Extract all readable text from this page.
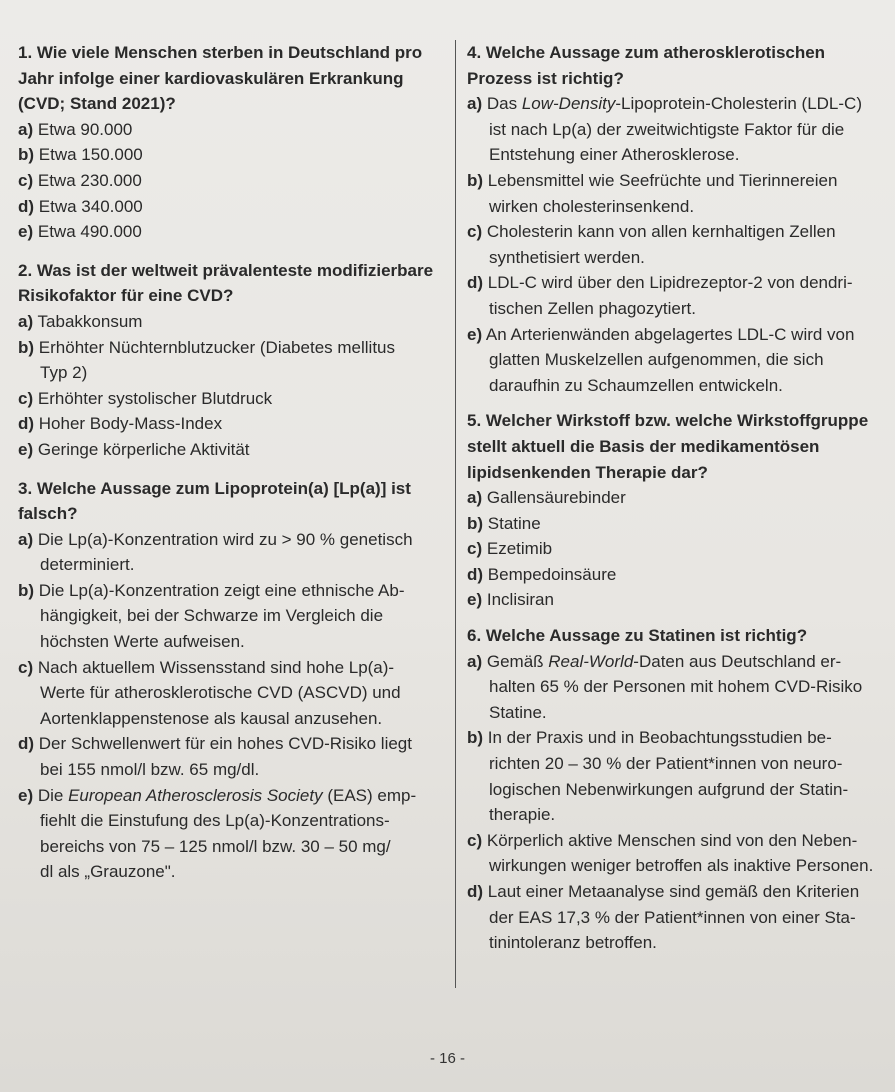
1. Wie viele Menschen sterben in Deutschland pro Jahr infolge einer kardiovaskulären Erkrankung (CVD; Stand 2021)?

a) Etwa 90.000

b) Etwa 150.000

c) Etwa 230.000

d) Etwa 340.000

e) Etwa 490.000

2. Was ist der weltweit prävalenteste modifizierbare Risikofaktor für eine CVD?

a) Tabakkonsum

b) Erhöhter Nüchternblutzucker (Diabetes mellitus
Typ 2)

c) Erhöhter systolischer Blutdruck

d) Hoher Body-Mass-Index

e) Geringe körperliche Aktivität

3. Welche Aussage zum Lipoprotein(a) [Lp(a)] ist falsch?

a) Die Lp(a)-Konzentration wird zu > 90 % genetisch
determiniert.

b) Die Lp(a)-Konzentration zeigt eine ethnische Ab-
hängigkeit, bei der Schwarze im Vergleich die
höchsten Werte aufweisen.

c) Nach aktuellem Wissensstand sind hohe Lp(a)-
Werte für atherosklerotische CVD (ASCVD) und
Aortenklappenstenose als kausal anzusehen.

d) Der Schwellenwert für ein hohes CVD-Risiko liegt
bei 155 nmol/l bzw. 65 mg/dl.

e) Die European Atherosclerosis Society (EAS) emp-
fiehlt die Einstufung des Lp(a)-Konzentrations-
bereichs von 75 – 125 nmol/l bzw. 30 – 50 mg/
dl als „Grauzone".

4. Welche Aussage zum atherosklerotischen Prozess ist richtig?

a) Das Low-Density-Lipoprotein-Cholesterin (LDL-C)
ist nach Lp(a) der zweitwichtigste Faktor für die
Entstehung einer Atherosklerose.

b) Lebensmittel wie Seefrüchte und Tierinnereien
wirken cholesterinsenkend.

c) Cholesterin kann von allen kernhaltigen Zellen
synthetisiert werden.

d) LDL-C wird über den Lipidrezeptor-2 von dendri-
tischen Zellen phagozytiert.

e) An Arterienwänden abgelagertes LDL-C wird von
glatten Muskelzellen aufgenommen, die sich
daraufhin zu Schaumzellen entwickeln.

5. Welcher Wirkstoff bzw. welche Wirkstoffgruppe stellt aktuell die Basis der medikamentösen lipidsenkenden Therapie dar?

a) Gallensäurebinder

b) Statine

c) Ezetimib

d) Bempedoinsäure

e) Inclisiran

6. Welche Aussage zu Statinen ist richtig?

a) Gemäß Real-World-Daten aus Deutschland er-
halten 65 % der Personen mit hohem CVD-Risiko
Statine.

b) In der Praxis und in Beobachtungsstudien be-
richten 20 – 30 % der Patient*innen von neuro-
logischen Nebenwirkungen aufgrund der Statin-
therapie.

c) Körperlich aktive Menschen sind von den Neben-
wirkungen weniger betroffen als inaktive Personen.

d) Laut einer Metaanalyse sind gemäß den Kriterien
der EAS 17,3 % der Patient*innen von einer Sta-
tinintoleranz betroffen.

- 16 -
